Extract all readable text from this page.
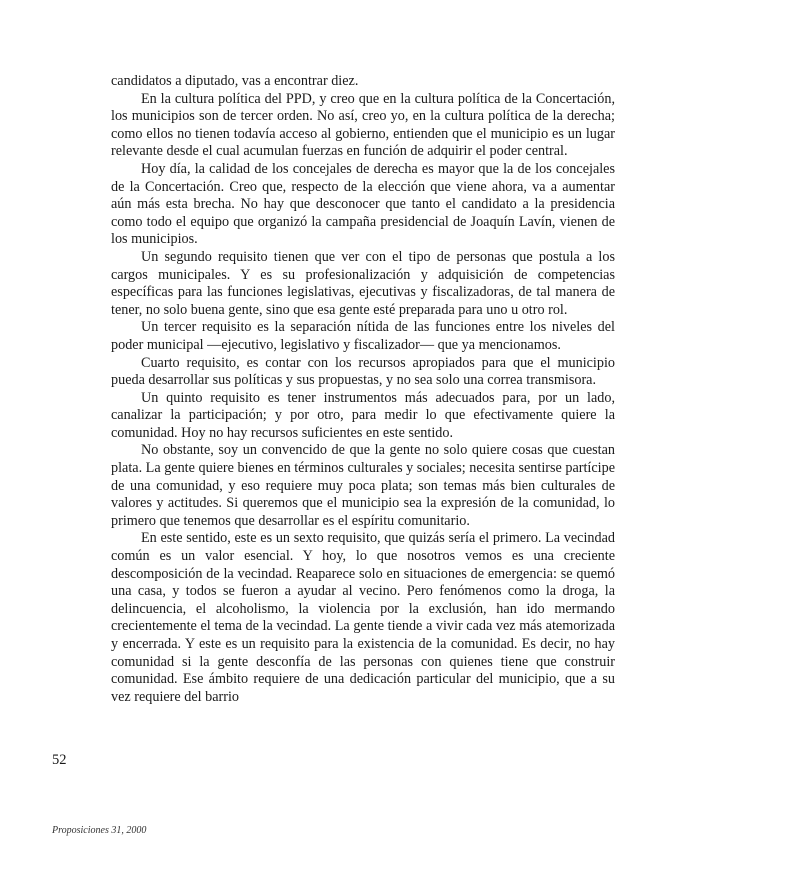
candidatos a diputado, vas a encontrar diez.

En la cultura política del PPD, y creo que en la cultura política de la Concertación, los municipios son de tercer orden. No así, creo yo, en la cultura política de la derecha; como ellos no tienen todavía acceso al gobierno, entienden que el municipio es un lugar relevante desde el cual acumulan fuerzas en función de adquirir el poder central.

Hoy día, la calidad de los concejales de derecha es mayor que la de los concejales de la Concertación. Creo que, respecto de la elección que viene ahora, va a aumentar aún más esta brecha. No hay que desconocer que tanto el candidato a la presidencia como todo el equipo que organizó la campaña presidencial de Joaquín Lavín, vienen de los municipios.

Un segundo requisito tienen que ver con el tipo de personas que postula a los cargos municipales. Y es su profesionalización y adquisición de competencias específicas para las funciones legislativas, ejecutivas y fiscalizadoras, de tal manera de tener, no solo buena gente, sino que esa gente esté preparada para uno u otro rol.

Un tercer requisito es la separación nítida de las funciones entre los niveles del poder municipal —ejecutivo, legislativo y fiscalizador— que ya mencionamos.

Cuarto requisito, es contar con los recursos apropiados para que el municipio pueda desarrollar sus políticas y sus propuestas, y no sea solo una correa transmisora.

Un quinto requisito es tener instrumentos más adecuados para, por un lado, canalizar la participación; y por otro, para medir lo que efectivamente quiere la comunidad. Hoy no hay recursos suficientes en este sentido.

No obstante, soy un convencido de que la gente no solo quiere cosas que cuestan plata. La gente quiere bienes en términos culturales y sociales; necesita sentirse partícipe de una comunidad, y eso requiere muy poca plata; son temas más bien culturales de valores y actitudes. Si queremos que el municipio sea la expresión de la comunidad, lo primero que tenemos que desarrollar es el espíritu comunitario.

En este sentido, este es un sexto requisito, que quizás sería el primero. La vecindad común es un valor esencial. Y hoy, lo que nosotros vemos es una creciente descomposición de la vecindad. Reaparece solo en situaciones de emergencia: se quemó una casa, y todos se fueron a ayudar al vecino. Pero fenómenos como la droga, la delincuencia, el alcoholismo, la violencia por la exclusión, han ido mermando crecientemente el tema de la vecindad. La gente tiende a vivir cada vez más atemorizada y encerrada. Y este es un requisito para la existencia de la comunidad. Es decir, no hay comunidad si la gente desconfía de las personas con quienes tiene que construir comunidad. Ese ámbito requiere de una dedicación particular del municipio, que a su vez requiere del barrio

52
Proposiciones 31, 2000
